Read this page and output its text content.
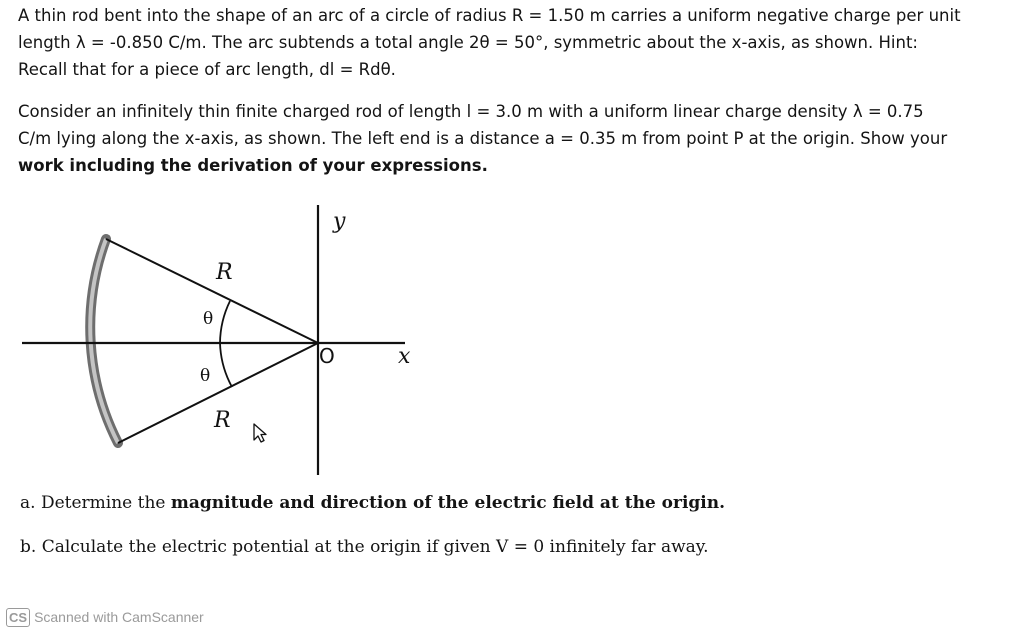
A thin rod bent into the shape of an arc of a circle of radius R = 1.50 m carries a uniform negative charge per unit
length λ = -0.850 C/m. The arc subtends a total angle 2θ = 50°, symmetric about the x-axis, as shown. Hint:
Recall that for a piece of arc length, dl = Rdθ.
Consider an infinitely thin finite charged rod of length l = 3.0 m with a uniform linear charge density λ = 0.75
C/m lying along the x-axis, as shown. The left end is a distance a = 0.35 m from point P at the origin. Show your
work including the derivation of your expressions.
y
x
O
R
R
θ
θ
a. Determine the magnitude and direction of the electric field at the origin.
b. Calculate the electric potential at the origin if given V = 0 infinitely far away.
CS Scanned with CamScanner
